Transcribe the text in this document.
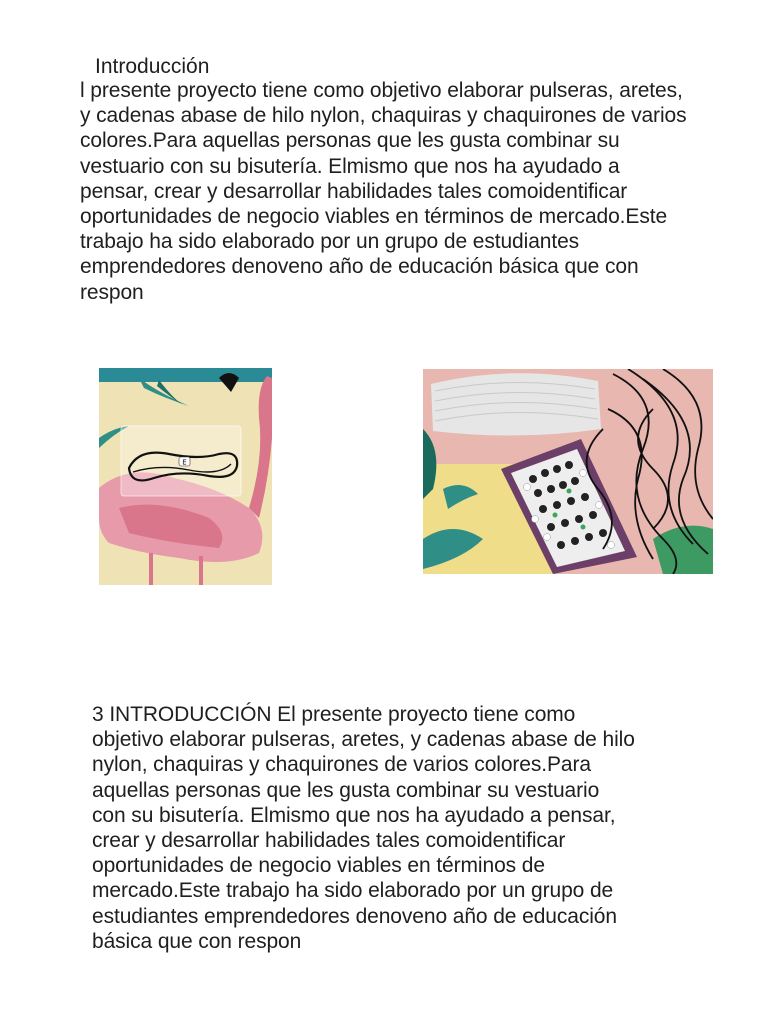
Introducción

l presente proyecto tiene como objetivo elaborar pulseras, aretes, y cadenas abase de hilo nylon, chaquiras y chaquirones de varios colores.Para aquellas personas que les gusta combinar su vestuario con su bisutería. Elmismo que nos ha ayudado a pensar, crear y desarrollar habilidades tales comoidentificar oportunidades de negocio viables en términos de mercado.Este trabajo ha sido elaborado por un grupo de estudiantes emprendedores denoveno año de educación básica que con respon

E

3 INTRODUCCIÓN El presente proyecto tiene como objetivo elaborar pulseras, aretes, y cadenas abase de hilo nylon, chaquiras y chaquirones de varios colores.Para aquellas personas que les gusta combinar su vestuario con su bisutería. Elmismo que nos ha ayudado a pensar, crear y desarrollar habilidades tales comoidentificar oportunidades de negocio viables en términos de mercado.Este trabajo ha sido elaborado por un grupo de estudiantes emprendedores denoveno año de educación básica que con respon
